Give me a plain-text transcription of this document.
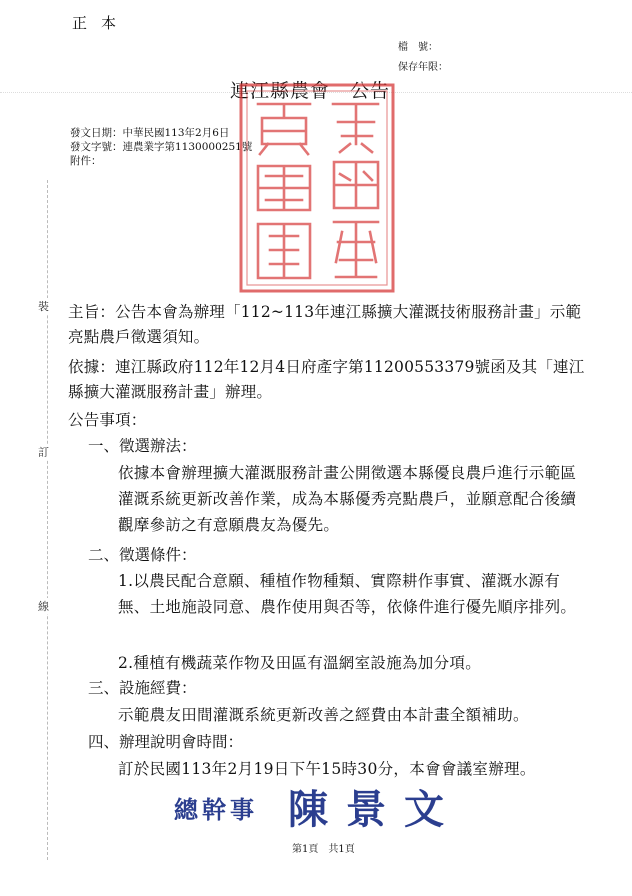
正本
檔　號：
保存年限：
連江縣農會　公告
發文日期：中華民國113年2月6日
發文字號：連農業字第1130000251號
附件：
裝
訂
線
主旨：公告本會為辦理「112~113年連江縣擴大灌溉技術服務計畫」示範亮點農戶徵選須知。
依據：連江縣政府112年12月4日府產字第11200553379號函及其「連江縣擴大灌溉服務計畫」辦理。
公告事項：
一、徵選辦法：
依據本會辦理擴大灌溉服務計畫公開徵選本縣優良農戶進行示範區灌溉系統更新改善作業，成為本縣優秀亮點農戶，並願意配合後續觀摩參訪之有意願農友為優先。
二、徵選條件：
1.以農民配合意願、種植作物種類、實際耕作事實、灌溉水源有無、土地施設同意、農作使用與否等，依條件進行優先順序排列。
2.種植有機蔬菜作物及田區有溫網室設施為加分項。
三、設施經費：
示範農友田間灌溉系統更新改善之經費由本計畫全額補助。
四、辦理說明會時間：
訂於民國113年2月19日下午15時30分，本會會議室辦理。
總幹事 陳景文
第1頁　共1頁
